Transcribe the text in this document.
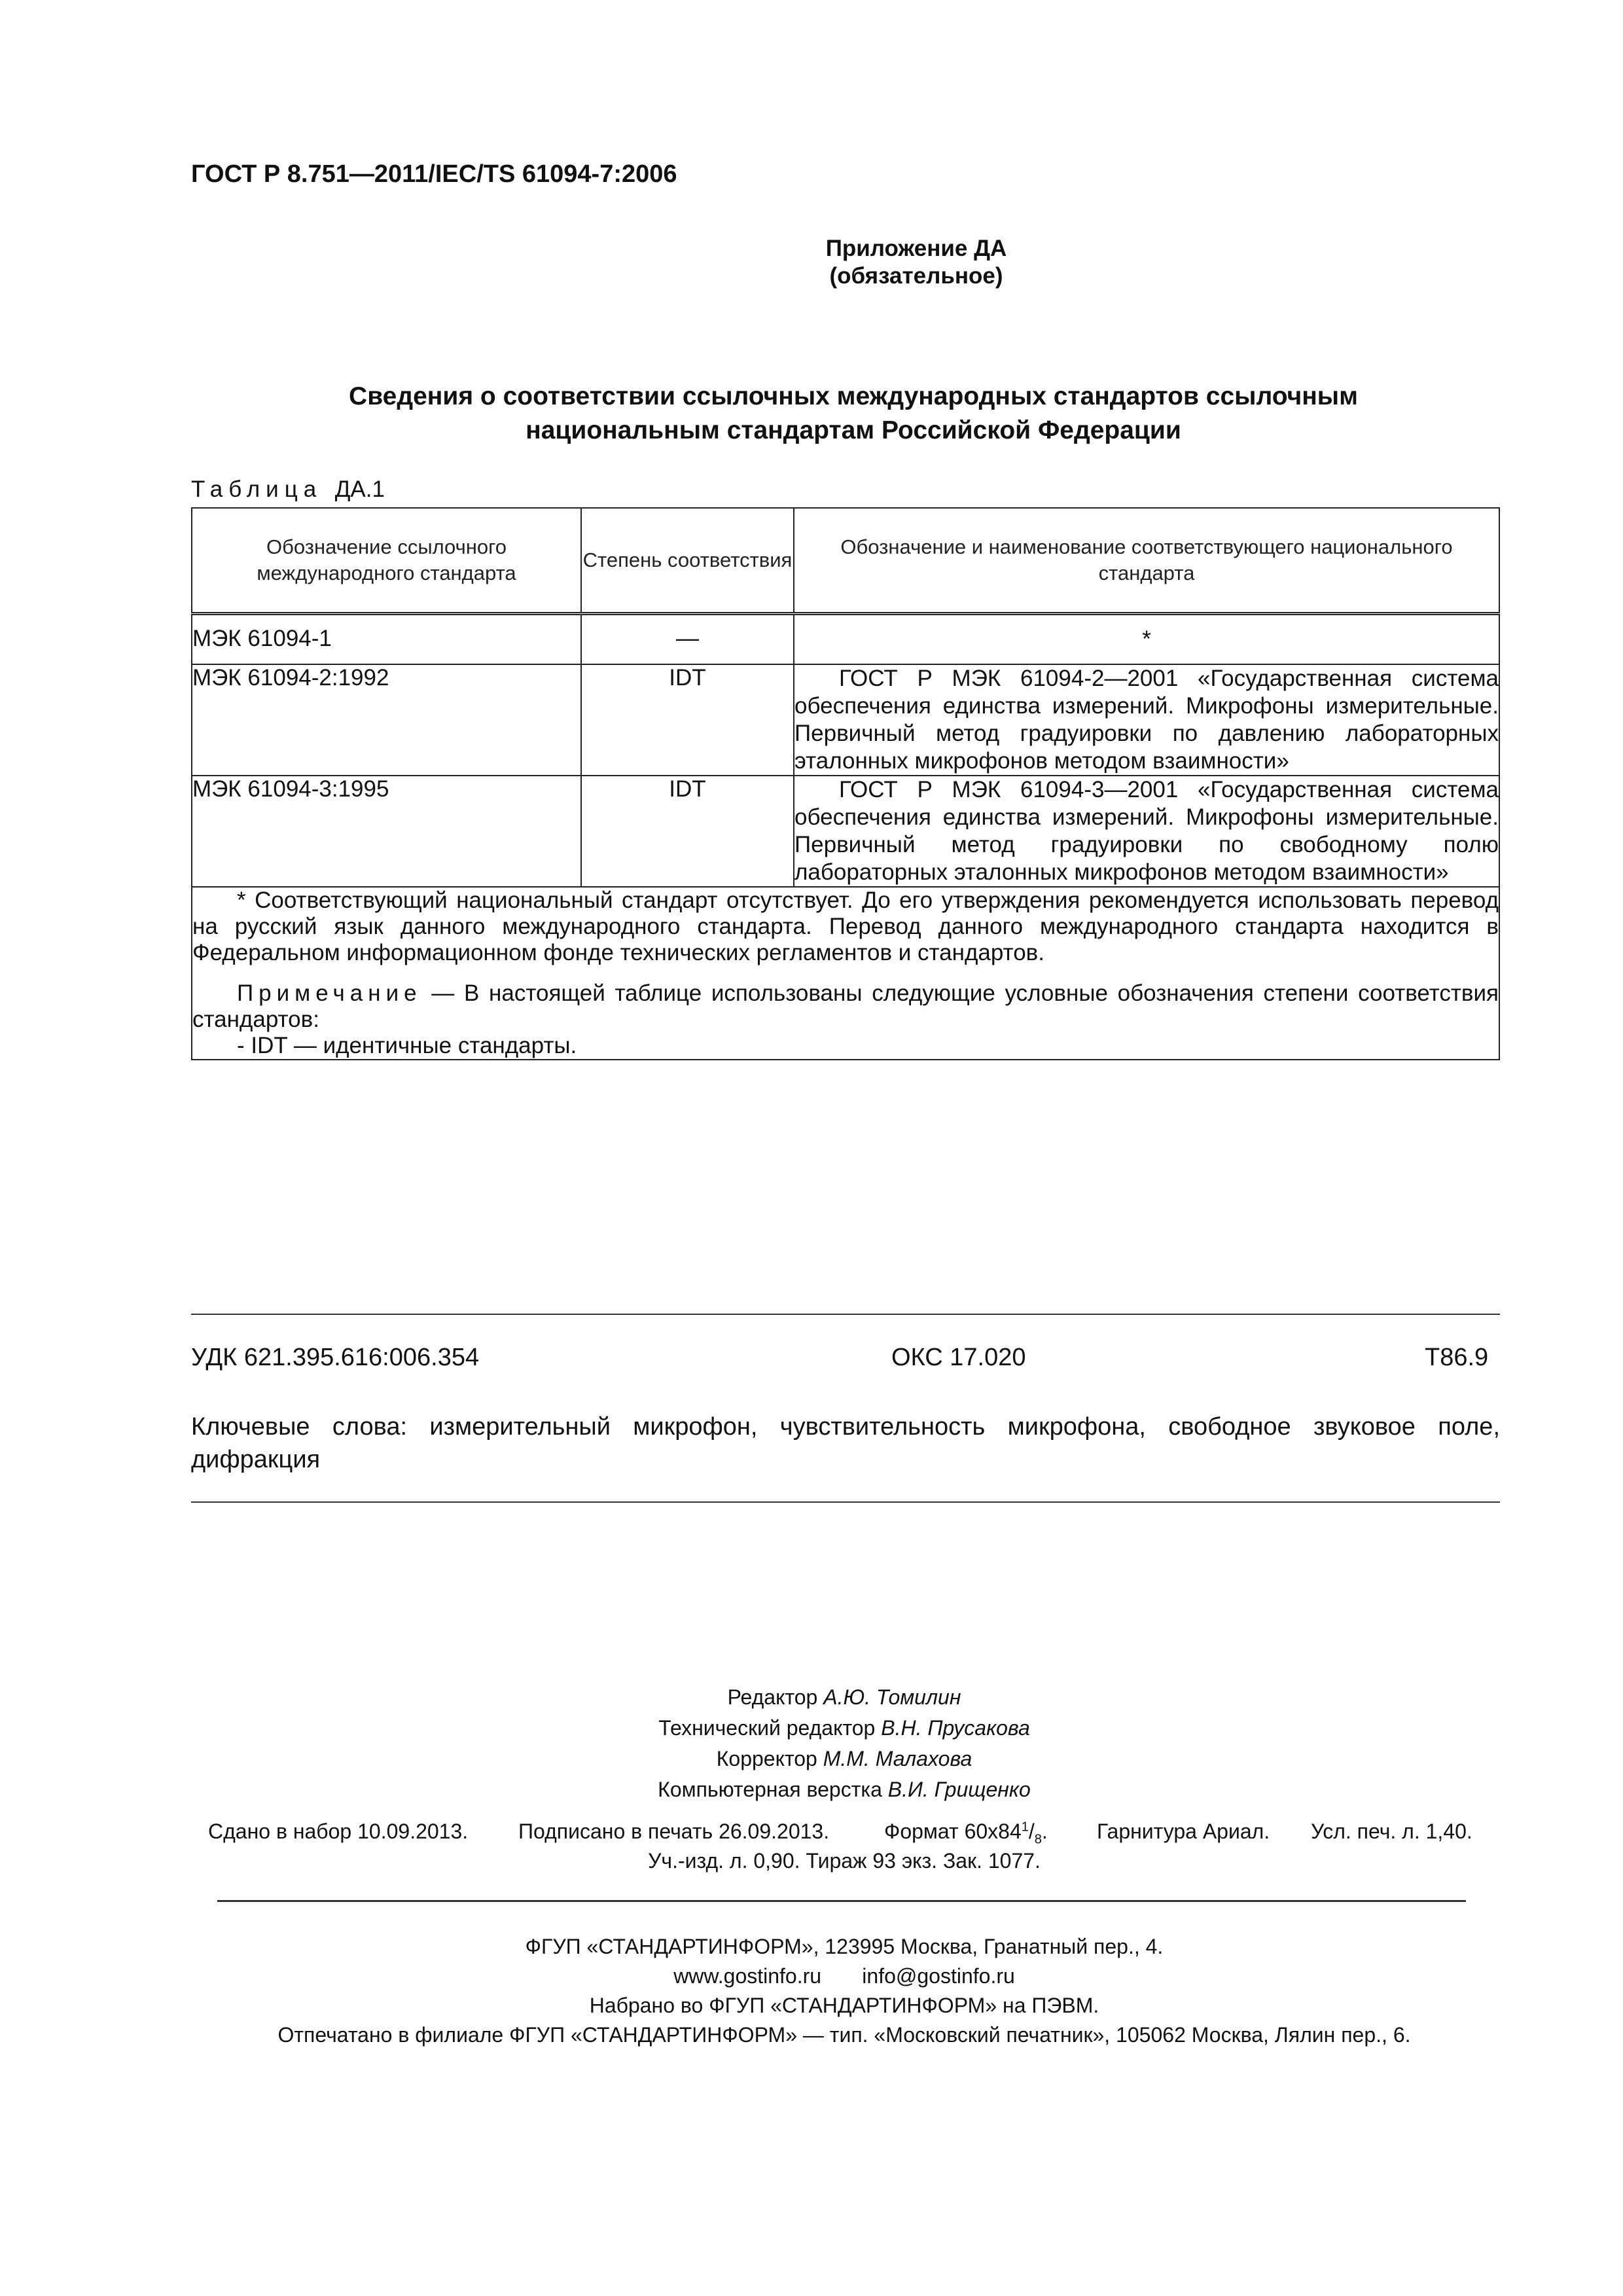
ГОСТ Р 8.751—2011/IEC/TS 61094-7:2006
Приложение ДА
(обязательное)
Сведения о соответствии ссылочных международных стандартов ссылочным
национальным стандартам Российской Федерации
Таблица ДА.1
Обозначение ссылочного международного стандарта	Степень соответствия	Обозначение и наименование соответствующего национального стандарта
МЭК 61094-1	—	*
МЭК 61094-2:1992	IDT	ГОСТ Р МЭК 61094-2—2001 «Государственная система обеспечения единства измерений. Микрофоны измерительные. Первичный метод градуировки по давлению лабораторных эталонных микрофонов методом взаимности»
МЭК 61094-3:1995	IDT	ГОСТ Р МЭК 61094-3—2001 «Государственная система обеспечения единства измерений. Микрофоны измерительные. Первичный метод градуировки по свободному полю лабораторных эталонных микрофонов методом взаимности»

* Соответствующий национальный стандарт отсутствует. До его утверждения рекомендуется использовать перевод на русский язык данного международного стандарта. Перевод данного международного стандарта находится в Федеральном информационном фонде технических регламентов и стандартов.

Примечание — В настоящей таблице использованы следующие условные обозначения степени соответствия стандартов:

- IDT — идентичные стандарты.		

УДК 621.395.616:006.354	ОКС 17.020	Т86.9
Ключевые слова: измерительный микрофон, чувствительность микрофона, свободное звуковое поле, дифракция
Редактор А.Ю. Томилин
Технический редактор В.Н. Прусакова
Корректор М.М. Малахова
Компьютерная верстка В.И. Грищенко
Сдано в набор 10.09.2013. Подписано в печать 26.09.2013.	Формат $60x84^1/_8$. Гарнитура Ариал. Усл. печ. л. 1,40.
Уч.-изд. л. 0,90. Тираж 93 экз. Зак. 1077.
ФГУП «СТАНДАРТИНФОРМ», 123995 Москва, Гранатный пер., 4.
www.gostinfo.ru info@gostinfo.ru
Набрано во ФГУП «СТАНДАРТИНФОРМ» на ПЭВМ.
Отпечатано в филиале ФГУП «СТАНДАРТИНФОРМ» — тип. «Московский печатник», 105062 Москва, Лялин пер., 6.
